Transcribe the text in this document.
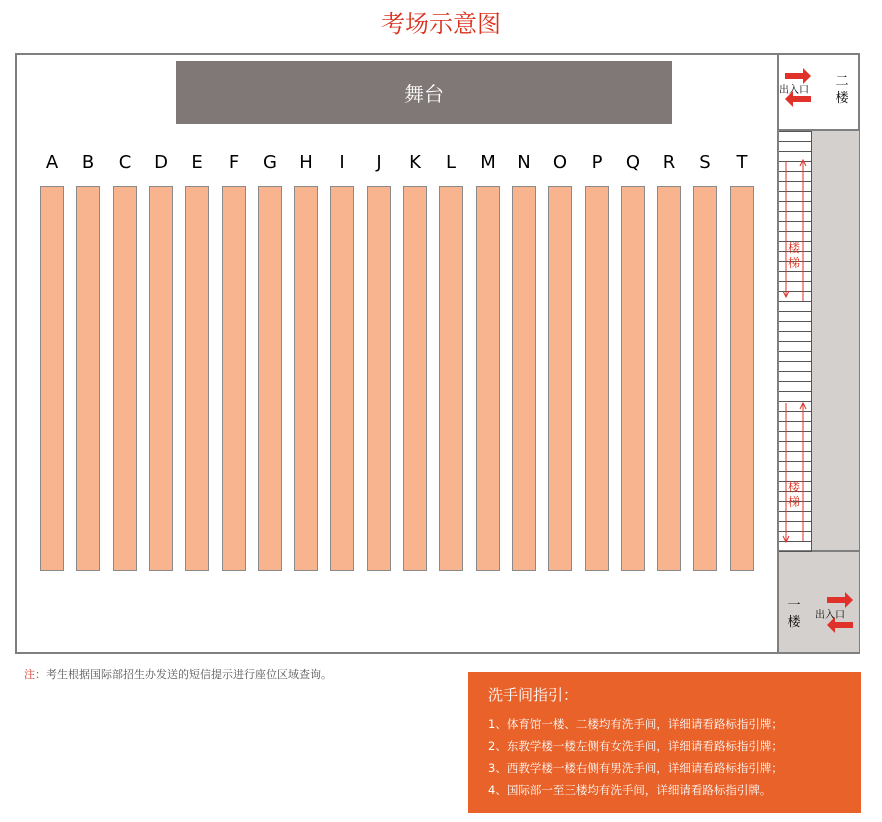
考场示意图
舞台
A	B	C	D	E	F	G	H	I	J	K	L	M	N	O	P	Q	R	S	T
楼
梯
楼
梯
出入口
二
楼
一
楼 出入口
注：考生根据国际部招生办发送的短信提示进行座位区域查询。
洗手间指引：
1、体育馆一楼、二楼均有洗手间，详细请看路标指引牌；
2、东教学楼一楼左侧有女洗手间，详细请看路标指引牌；
3、西教学楼一楼右侧有男洗手间，详细请看路标指引牌；
4、国际部一至三楼均有洗手间，详细请看路标指引牌。
